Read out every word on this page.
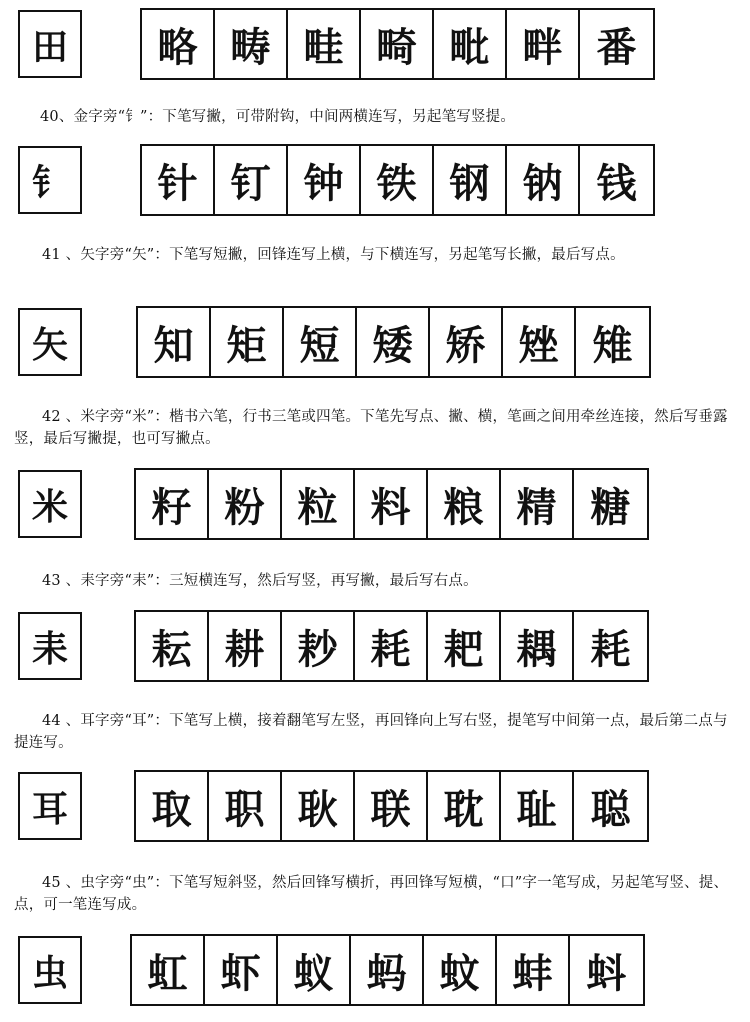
田	略 畴 畦 畸 毗 畔 番
40、金字旁“钅”：下笔写撇，可带附钩，中间两横连写，另起笔写竖提。
钅	针 钉 钟 铁 钢 钠 钱
41 、矢字旁“矢”：下笔写短撇，回锋连写上横，与下横连写，另起笔写长撇，最后写点。
矢	知 矩 短 矮 矫 矬 雉
42 、米字旁“米”：楷书六笔，行书三笔或四笔。下笔先写点、撇、横，笔画之间用牵丝连接，然后写垂露竖，最后写撇提，也可写撇点。
米	籽 粉 粒 料 粮 精 糖
43 、耒字旁“耒”：三短横连写，然后写竖，再写撇，最后写右点。
耒	耘 耕 耖 耗 耙 耦 耗
44 、耳字旁“耳”：下笔写上横，接着翻笔写左竖，再回锋向上写右竖，提笔写中间第一点，最后第二点与提连写。
耳	取 职 耿 联 耽 耻 聪
45 、虫字旁“虫”：下笔写短斜竖，然后回锋写横折，再回锋写短横，“口”字一笔写成，另起笔写竖、提、点，可一笔连写成。
虫	虹 虾 蚁 蚂 蚊 蚌 蚪
